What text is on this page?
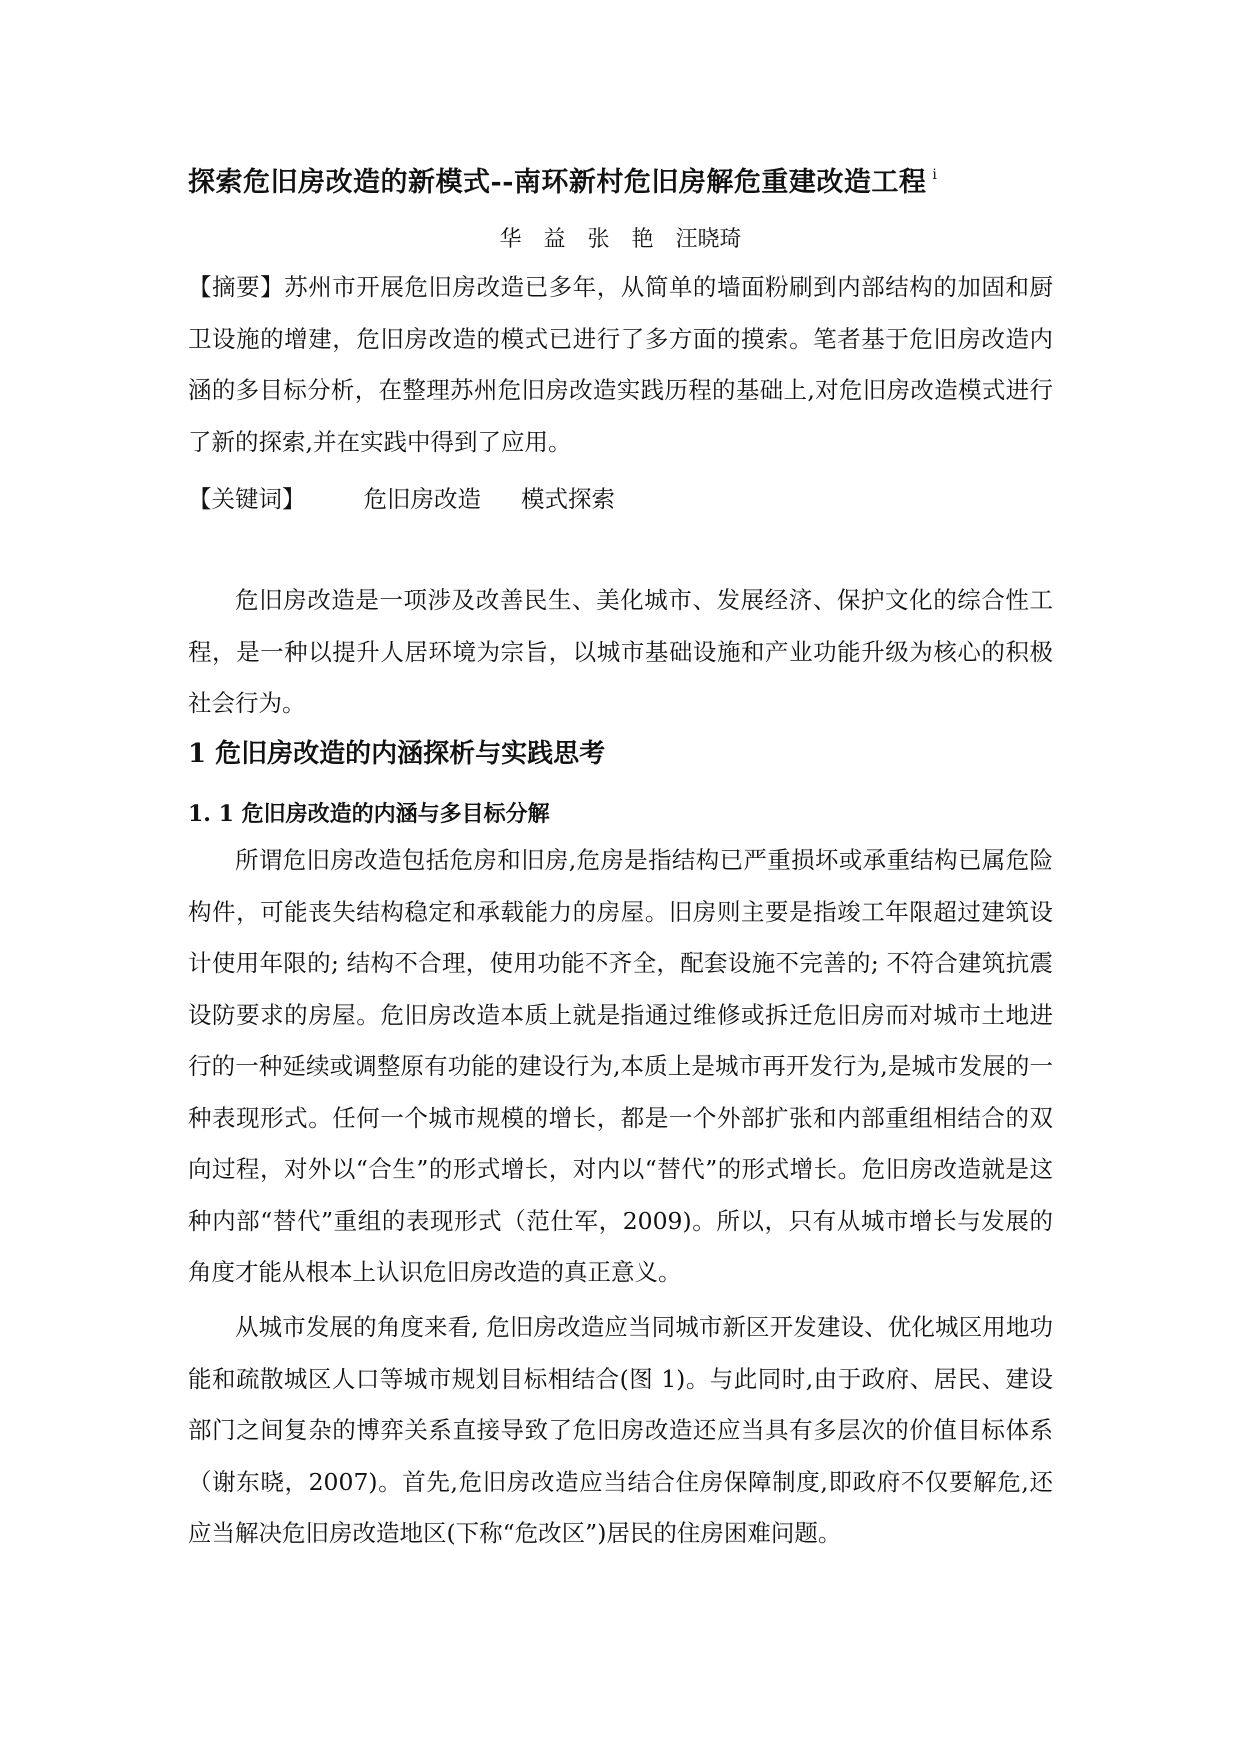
探索危旧房改造的新模式--南环新村危旧房解危重建改造工程 $^i$
华　益　张　艳　汪晓琦
【摘要】苏州市开展危旧房改造已多年，从简单的墙面粉刷到内部结构的加固和厨卫设施的增建，危旧房改造的模式已进行了多方面的摸索。笔者基于危旧房改造内涵的多目标分析，在整理苏州危旧房改造实践历程的基础上,对危旧房改造模式进行了新的探索,并在实践中得到了应用。
【关键词】 危旧房改造 模式探索
危旧房改造是一项涉及改善民生、美化城市、发展经济、保护文化的综合性工程，是一种以提升人居环境为宗旨，以城市基础设施和产业功能升级为核心的积极社会行为。
1 危旧房改造的内涵探析与实践思考
1. 1 危旧房改造的内涵与多目标分解
所谓危旧房改造包括危房和旧房,危房是指结构已严重损坏或承重结构已属危险构件，可能丧失结构稳定和承载能力的房屋。旧房则主要是指竣工年限超过建筑设计使用年限的; 结构不合理，使用功能不齐全，配套设施不完善的; 不符合建筑抗震设防要求的房屋。危旧房改造本质上就是指通过维修或拆迁危旧房而对城市土地进行的一种延续或调整原有功能的建设行为,本质上是城市再开发行为,是城市发展的一种表现形式。任何一个城市规模的增长，都是一个外部扩张和内部重组相结合的双向过程，对外以“合生”的形式增长，对内以“替代”的形式增长。危旧房改造就是这种内部“替代”重组的表现形式（范仕军，2009)。所以，只有从城市增长与发展的角度才能从根本上认识危旧房改造的真正意义。
从城市发展的角度来看, 危旧房改造应当同城市新区开发建设、优化城区用地功能和疏散城区人口等城市规划目标相结合(图 1)。与此同时,由于政府、居民、建设部门之间复杂的博弈关系直接导致了危旧房改造还应当具有多层次的价值目标体系（谢东晓，2007)。首先,危旧房改造应当结合住房保障制度,即政府不仅要解危,还应当解决危旧房改造地区(下称“危改区”)居民的住房困难问题。
